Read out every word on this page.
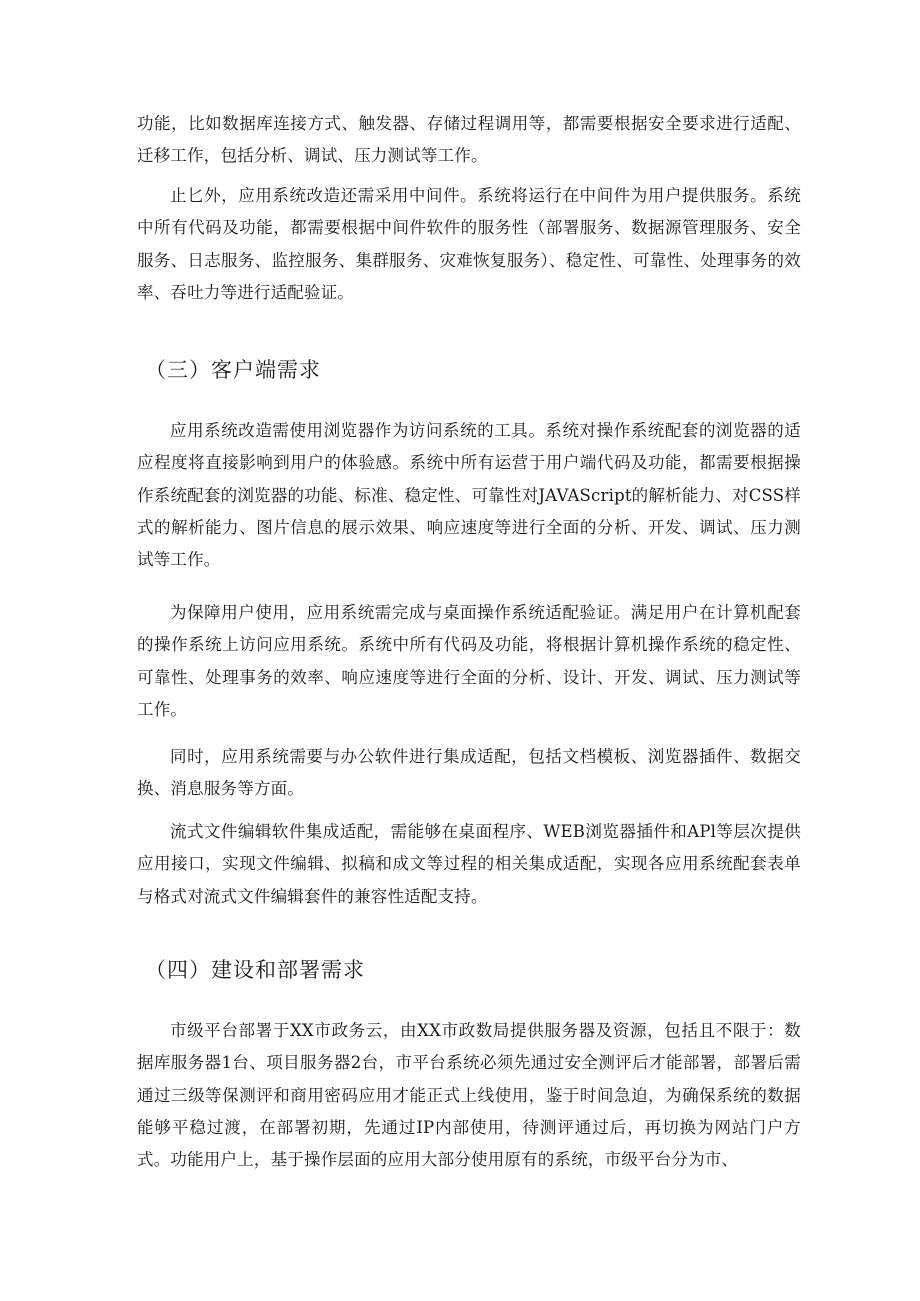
功能，比如数据库连接方式、触发器、存储过程调用等，都需要根据安全要求进行适配、迁移工作，包括分析、调试、压力测试等工作。

止匕外，应用系统改造还需采用中间件。系统将运行在中间件为用户提供服务。系统中所有代码及功能，都需要根据中间件软件的服务性（部署服务、数据源管理服务、安全服务、日志服务、监控服务、集群服务、灾难恢复服务）、稳定性、可靠性、处理事务的效率、吞吐力等进行适配验证。

（三）客户端需求

应用系统改造需使用浏览器作为访问系统的工具。系统对操作系统配套的浏览器的适应程度将直接影响到用户的体验感。系统中所有运营于用户端代码及功能，都需要根据操作系统配套的浏览器的功能、标准、稳定性、可靠性对JAVAScript的解析能力、对CSS样式的解析能力、图片信息的展示效果、响应速度等进行全面的分析、开发、调试、压力测试等工作。

为保障用户使用，应用系统需完成与桌面操作系统适配验证。满足用户在计算机配套的操作系统上访问应用系统。系统中所有代码及功能，将根据计算机操作系统的稳定性、可靠性、处理事务的效率、响应速度等进行全面的分析、设计、开发、调试、压力测试等工作。

同时，应用系统需要与办公软件进行集成适配，包括文档模板、浏览器插件、数据交换、消息服务等方面。

流式文件编辑软件集成适配，需能够在桌面程序、WEB浏览器插件和APl等层次提供应用接口，实现文件编辑、拟稿和成文等过程的相关集成适配，实现各应用系统配套表单与格式对流式文件编辑套件的兼容性适配支持。

（四）建设和部署需求

市级平台部署于XX市政务云，由XX市政数局提供服务器及资源，包括且不限于：数据库服务器1台、项目服务器2台，市平台系统必须先通过安全测评后才能部署，部署后需通过三级等保测评和商用密码应用才能正式上线使用，鉴于时间急迫，为确保系统的数据能够平稳过渡，在部署初期，先通过IP内部使用，待测评通过后，再切换为网站门户方式。功能用户上，基于操作层面的应用大部分使用原有的系统，市级平台分为市、
